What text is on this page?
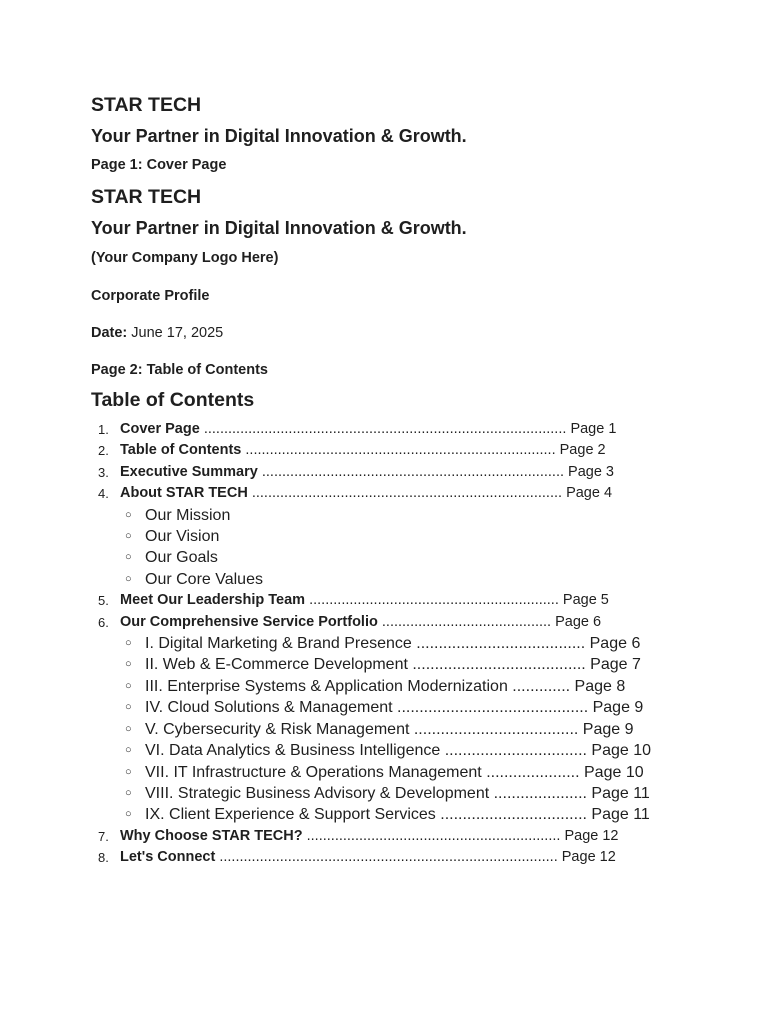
STAR TECH
Your Partner in Digital Innovation & Growth.
Page 1: Cover Page
STAR TECH
Your Partner in Digital Innovation & Growth.
(Your Company Logo Here)
Corporate Profile
Date: June 17, 2025
Page 2: Table of Contents
Table of Contents
1. Cover Page .......................................................................................... Page 1
2. Table of Contents ............................................................................. Page 2
3. Executive Summary ........................................................................... Page 3
4. About STAR TECH ............................................................................. Page 4
○ Our Mission
○ Our Vision
○ Our Goals
○ Our Core Values
5. Meet Our Leadership Team .............................................................. Page 5
6. Our Comprehensive Service Portfolio .......................................... Page 6
○ I. Digital Marketing & Brand Presence ...................................... Page 6
○ II. Web & E-Commerce Development ....................................... Page 7
○ III. Enterprise Systems & Application Modernization ............. Page 8
○ IV. Cloud Solutions & Management ........................................... Page 9
○ V. Cybersecurity & Risk Management ..................................... Page 9
○ VI. Data Analytics & Business Intelligence ................................ Page 10
○ VII. IT Infrastructure & Operations Management ..................... Page 10
○ VIII. Strategic Business Advisory & Development ..................... Page 11
○ IX. Client Experience & Support Services ................................. Page 11
7. Why Choose STAR TECH? ............................................................... Page 12
8. Let's Connect .................................................................................... Page 12
